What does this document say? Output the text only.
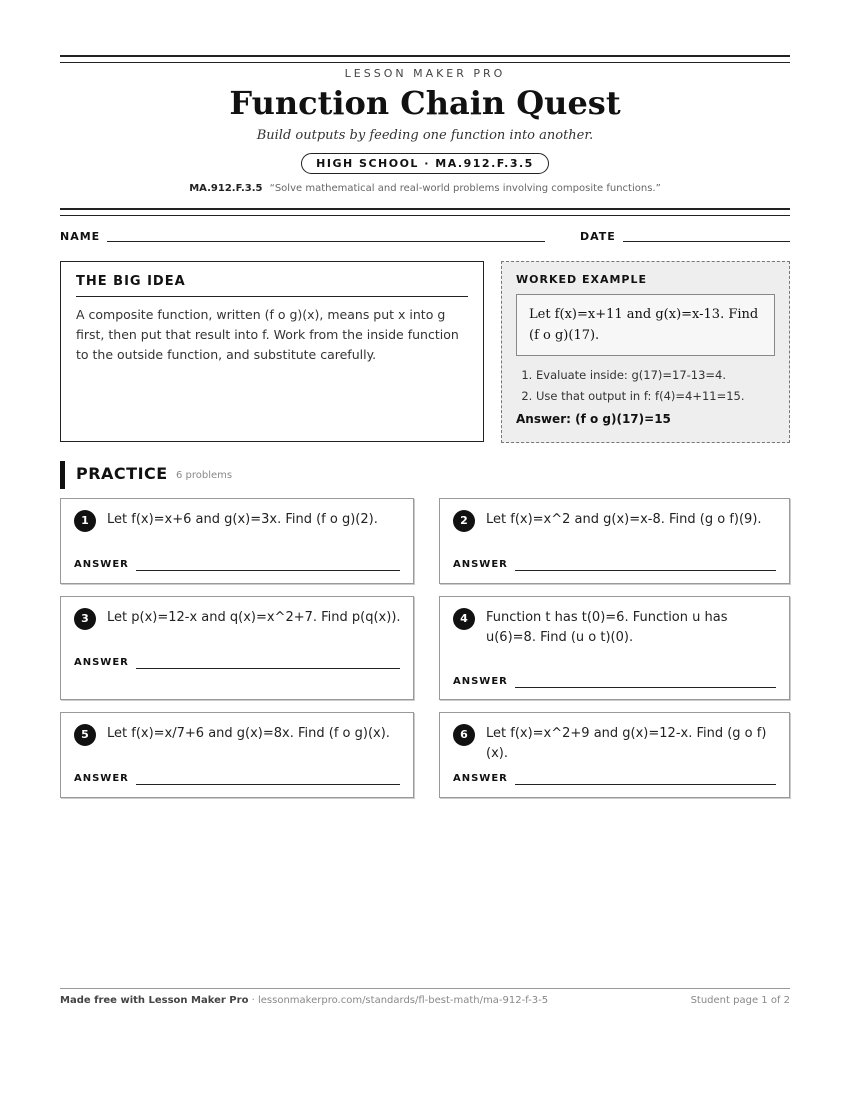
LESSON MAKER PRO
Function Chain Quest
Build outputs by feeding one function into another.
HIGH SCHOOL · MA.912.F.3.5
MA.912.F.3.5 “Solve mathematical and real-world problems involving composite functions.”
NAME	DATE
THE BIG IDEA

A composite function, written (f o g)(x), means put x into g first, then put that result into f. Work from the inside function to the outside function, and substitute carefully.

WORKED EXAMPLE
Let f(x)=x+11 and g(x)=x-13. Find (f o g)(17).
1. Evaluate inside: g(17)=17-13=4.
2. Use that output in f: f(4)=4+11=15.
Answer: (f o g)(17)=15
PRACTICE 6 problems
1	Let f(x)=x+6 and g(x)=3x. Find (f o g)(2).
ANSWER
2	Let f(x)=x^2 and g(x)=x-8. Find (g o f)(9).
ANSWER
3	Let p(x)=12-x and q(x)=x^2+7. Find p(q(x)).
ANSWER
4	Function t has t(0)=6. Function u has u(6)=8. Find (u o t)(0).
ANSWER
5	Let f(x)=x/7+6 and g(x)=8x. Find (f o g)(x).
ANSWER
6	Let f(x)=x^2+9 and g(x)=12-x. Find (g o f)(x).
ANSWER
Made free with Lesson Maker Pro · lessonmakerpro.com/standards/fl-best-math/ma-912-f-3-5	Student page 1 of 2
